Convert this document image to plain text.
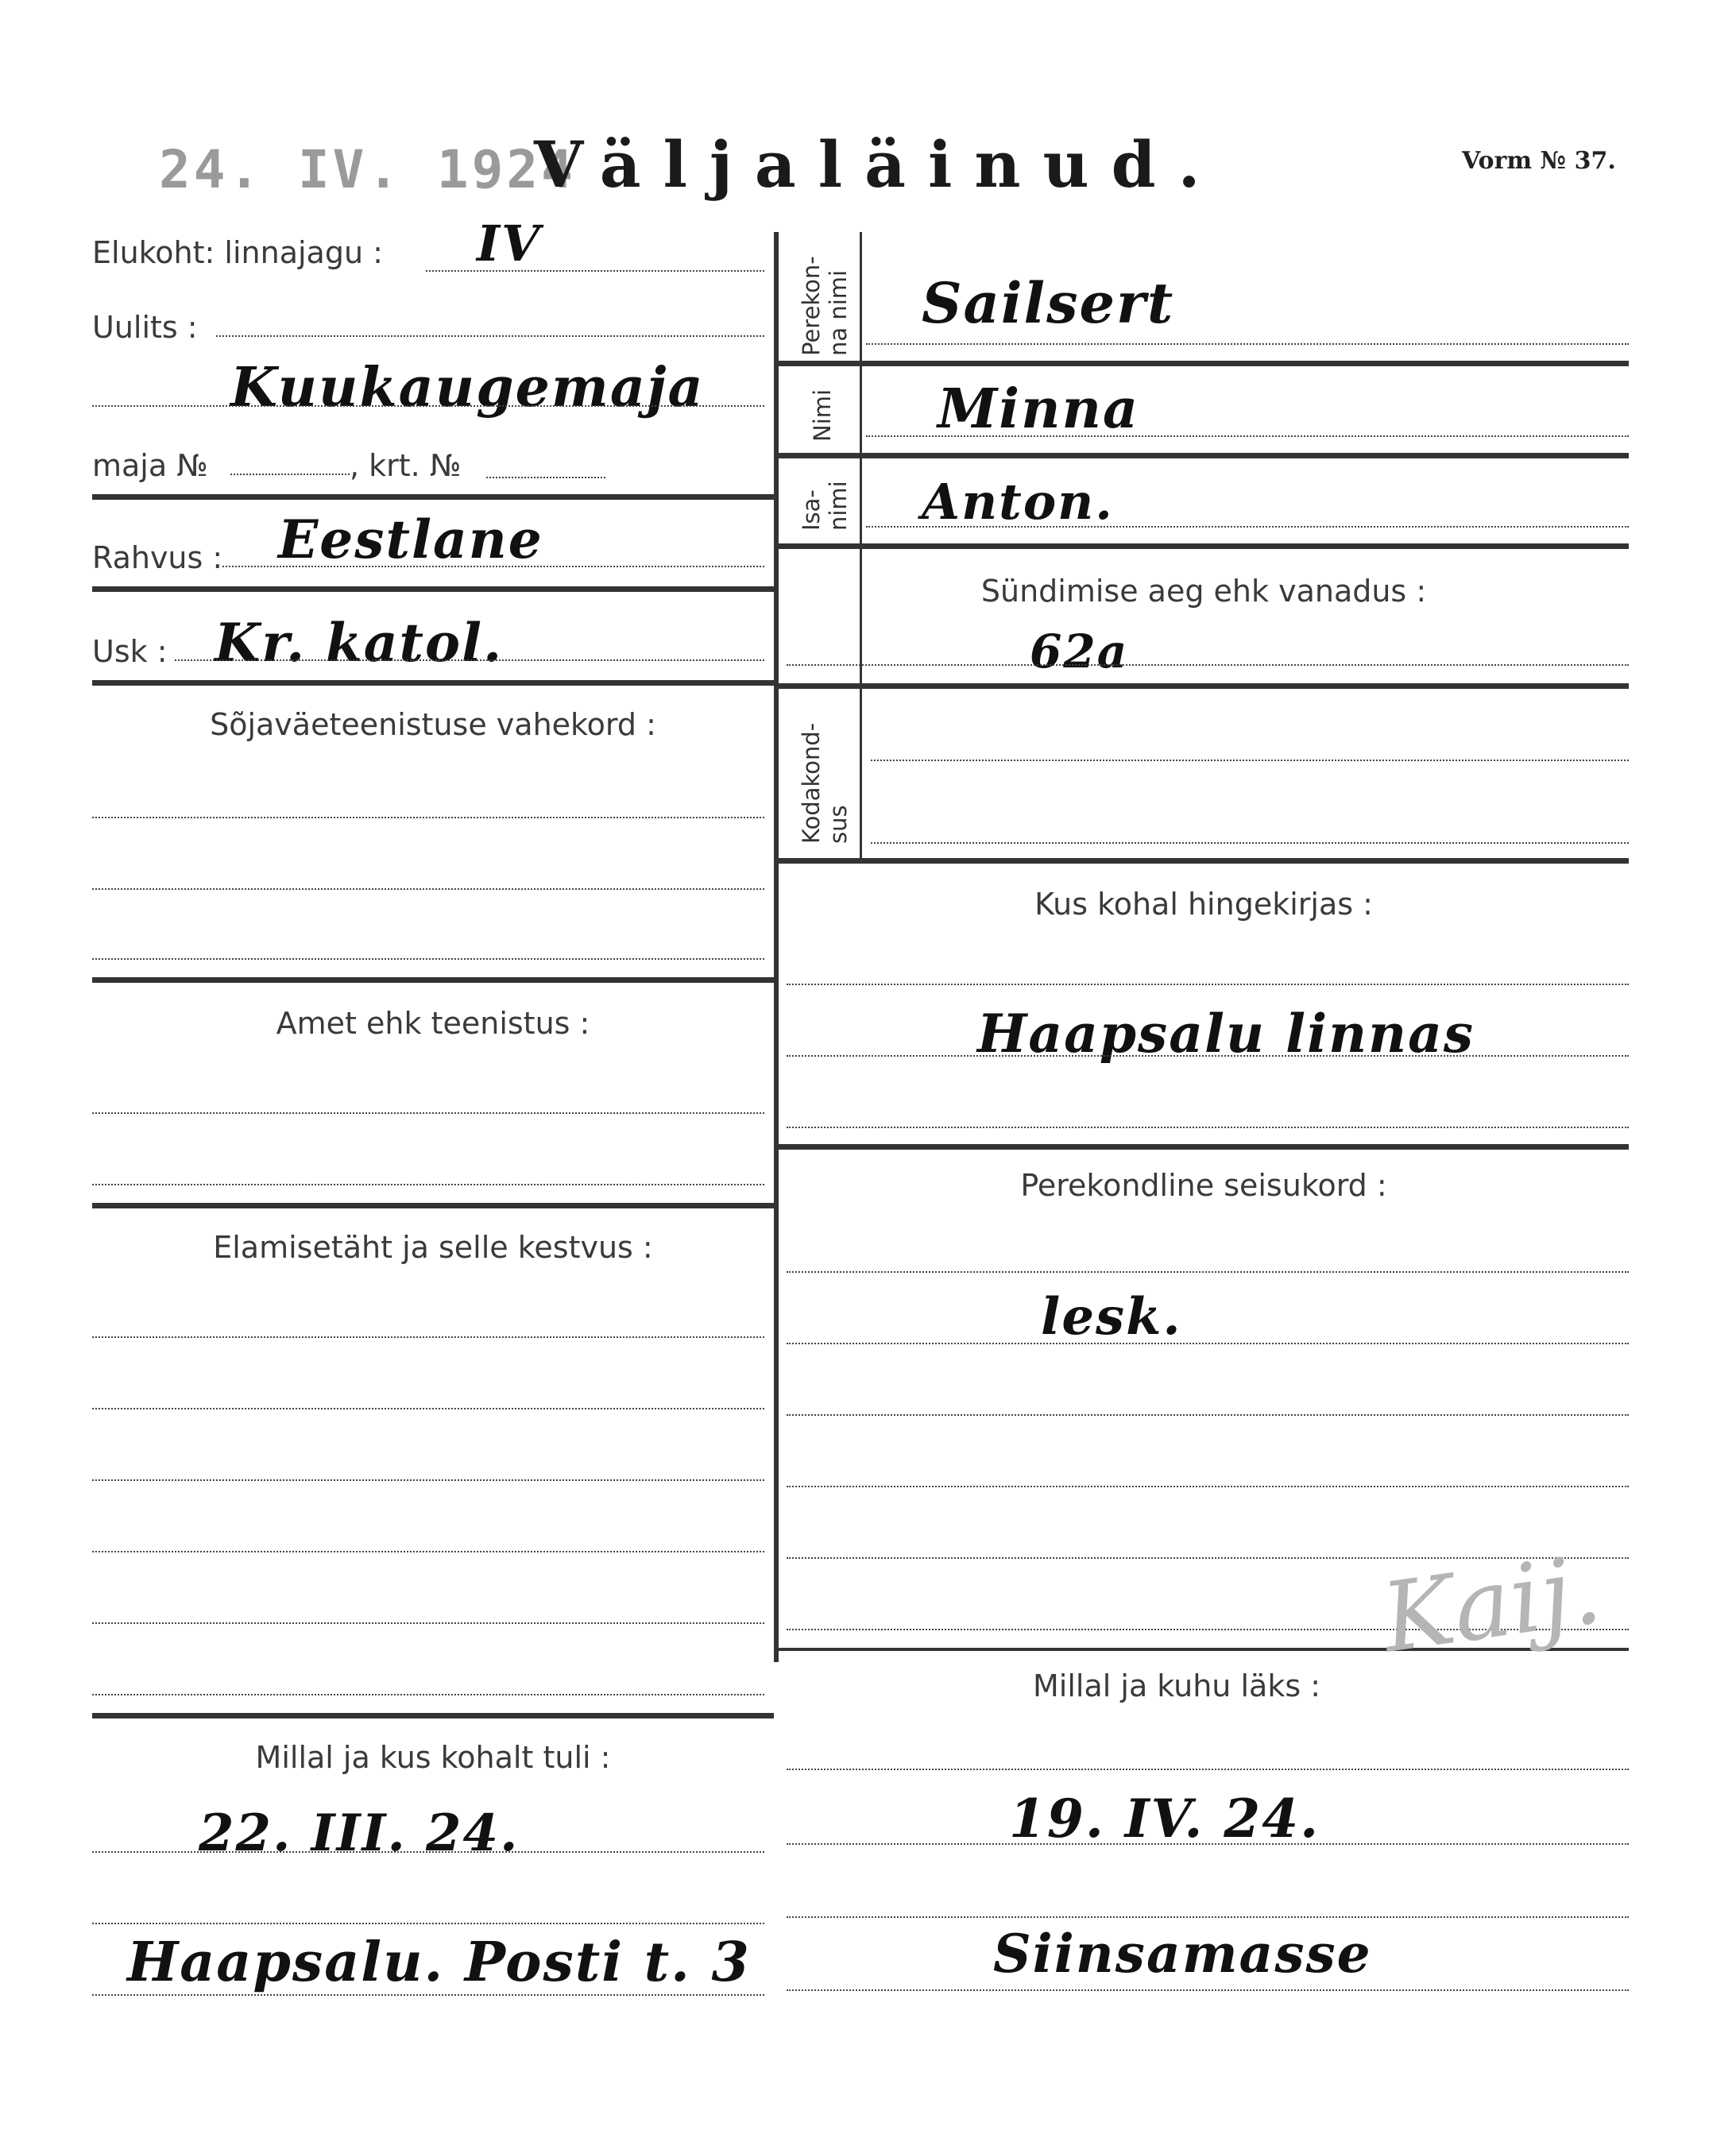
24. IV. 1924
Väljaläinud.	Vorm № 37.
Elukoht: linnajagu : IV
Uulits :
Kuukaugemaja
maja №	, krt. №
Rahvus : Eestlane
Usk : Kr. katol.
Sõjaväeteenistuse vahekord :
Amet ehk teenistus :
Elamisetäht ja selle kestvus :
Millal ja kus kohalt tuli :
22. III. 24.
Haapsalu. Posti t. 3
Perekon-
na nimi Sailsert
Nimi Minna
Isa-
nimi Anton.
Sündimise aeg ehk vanadus :
62a
Kodakond-
sus
Kus kohal hingekirjas :
Haapsalu linnas
Perekondline seisukord :
lesk.
Kaij.
Millal ja kuhu läks :
19. IV. 24.
Siinsamasse
